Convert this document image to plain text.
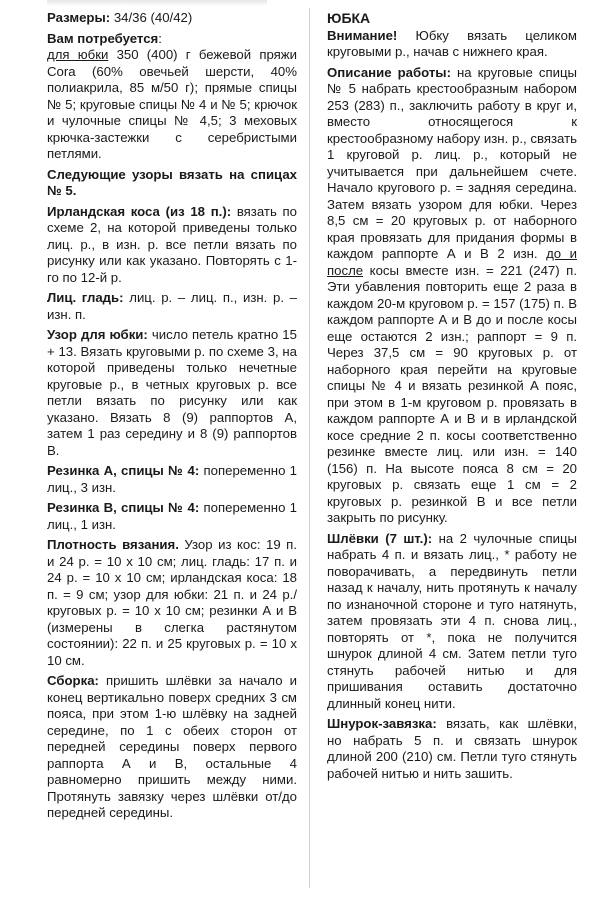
Размеры: 34/36 (40/42)

Вам потребуется:
для юбки 350 (400) г бежевой пряжи Cora (60% овечьей шерсти, 40% полиакрила, 85 м/50 г); прямые спицы № 5; круговые спицы № 4 и № 5; крючок и чулочные спицы № 4,5; 3 меховых крючка-застежки с серебристыми петлями.

Следующие узоры вязать на спицах № 5.

Ирландская коса (из 18 п.): вязать по схеме 2, на которой приведены только лиц. р., в изн. р. все петли вязать по рисунку или как указано. Повторять с 1-го по 12-й р.

Лиц. гладь: лиц. р. – лиц. п., изн. р. – изн. п.

Узор для юбки: число петель кратно 15 + 13. Вязать круговыми р. по схеме 3, на которой приведены только нечетные круговые р., в четных круговых р. все петли вязать по рисунку или как указано. Вязать 8 (9) раппортов А, затем 1 раз середину и 8 (9) раппортов В.

Резинка А, спицы № 4: попеременно 1 лиц., 3 изн.

Резинка В, спицы № 4: попеременно 1 лиц., 1 изн.

Плотность вязания. Узор из кос: 19 п. и 24 р. = 10 х 10 см; лиц. гладь: 17 п. и 24 р. = 10 х 10 см; ирландская коса: 18 п. = 9 см; узор для юбки: 21 п. и 24 р./круговых р. = 10 х 10 см; резинки А и В (измерены в слегка растянутом состоянии): 22 п. и 25 круговых р. = 10 х 10 см.

Сборка: пришить шлёвки за начало и конец вертикально поверх средних 3 см пояса, при этом 1-ю шлёвку на задней середине, по 1 с обеих сторон от передней середины поверх первого раппорта А и В, остальные 4 равномерно пришить между ними. Протянуть завязку через шлёвки от/до передней середины.

ЮБКА

Внимание! Юбку вязать целиком круговыми р., начав с нижнего края.

Описание работы: на круговые спицы № 5 набрать крестообразным набором 253 (283) п., заключить работу в круг и, вместо относящегося к крестообразному набору изн. р., связать 1 круговой р. лиц. р., который не учитывается при дальнейшем счете. Начало кругового р. = задняя середина. Затем вязать узором для юбки. Через 8,5 см = 20 круговых р. от наборного края провязать для придания формы в каждом раппорте А и В 2 изн. до и после косы вместе изн. = 221 (247) п. Эти убавления повторить еще 2 раза в каждом 20-м круговом р. = 157 (175) п. В каждом раппорте А и В до и после косы еще остаются 2 изн.; раппорт = 9 п. Через 37,5 см = 90 круговых р. от наборного края перейти на круговые спицы № 4 и вязать резинкой А пояс, при этом в 1-м круговом р. провязать в каждом раппорте А и В и в ирландской косе средние 2 п. косы соответственно резинке вместе лиц. или изн. = 140 (156) п. На высоте пояса 8 см = 20 круговых р. связать еще 1 см = 2 круговых р. резинкой В и все петли закрыть по рисунку.

Шлёвки (7 шт.): на 2 чулочные спицы набрать 4 п. и вязать лиц., * работу не поворачивать, а передвинуть петли назад к началу, нить протянуть к началу по изнаночной стороне и туго натянуть, затем провязать эти 4 п. снова лиц., повторять от *, пока не получится шнурок длиной 4 см. Затем петли туго стянуть рабочей нитью и для пришивания оставить достаточно длинный конец нити.

Шнурок-завязка: вязать, как шлёвки, но набрать 5 п. и связать шнурок длиной 200 (210) см. Петли туго стянуть рабочей нитью и нить зашить.
